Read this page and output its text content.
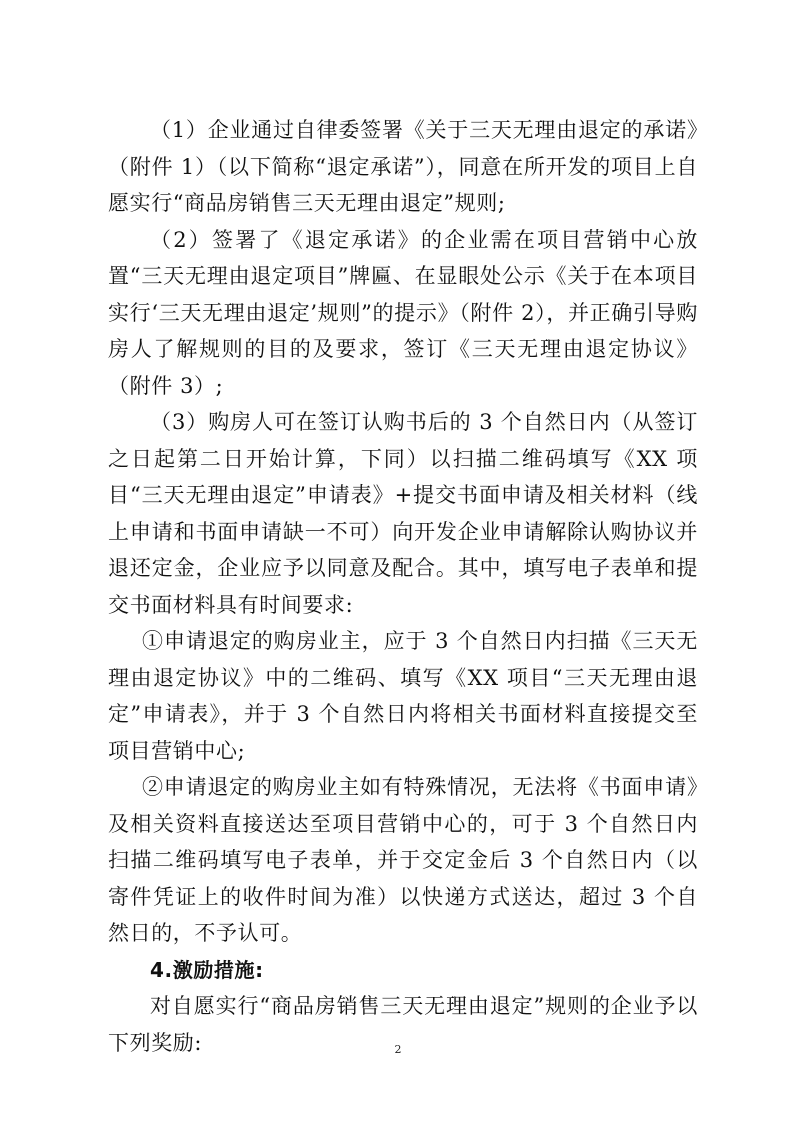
（1）企业通过自律委签署《关于三天无理由退定的承诺》（附件 1）（以下简称“退定承诺”），同意在所开发的项目上自愿实行“商品房销售三天无理由退定”规则;

（2）签署了《退定承诺》的企业需在项目营销中心放置“三天无理由退定项目”牌匾、在显眼处公示《关于在本项目实行‘三天无理由退定’规则”的提示》（附件 2），并正确引导购房人了解规则的目的及要求，签订《三天无理由退定协议》（附件 3）;

（3）购房人可在签订认购书后的 3 个自然日内（从签订之日起第二日开始计算，下同）以扫描二维码填写《XX 项目“三天无理由退定”申请表》+提交书面申请及相关材料（线上申请和书面申请缺一不可）向开发企业申请解除认购协议并退还定金，企业应予以同意及配合。其中，填写电子表单和提交书面材料具有时间要求:

①申请退定的购房业主，应于 3 个自然日内扫描《三天无理由退定协议》中的二维码、填写《XX 项目“三天无理由退定”申请表》，并于 3 个自然日内将相关书面材料直接提交至项目营销中心;

②申请退定的购房业主如有特殊情况，无法将《书面申请》及相关资料直接送达至项目营销中心的，可于 3 个自然日内扫描二维码填写电子表单，并于交定金后 3 个自然日内（以寄件凭证上的收件时间为准）以快递方式送达，超过 3 个自然日的，不予认可。

4.激励措施:

对自愿实行“商品房销售三天无理由退定”规则的企业予以下列奖励:	2
